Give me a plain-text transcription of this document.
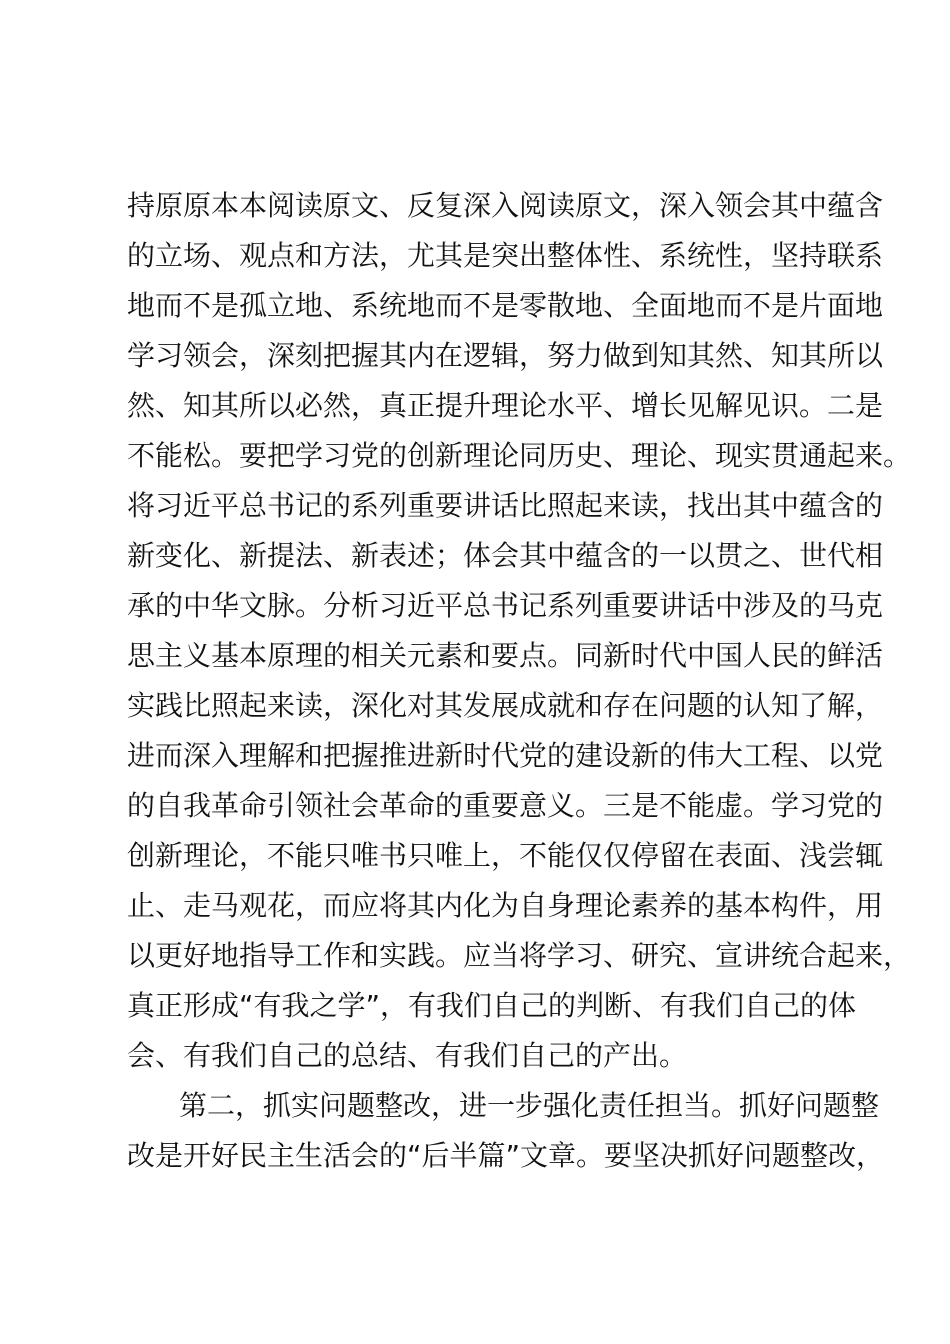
持原原本本阅读原文、反复深入阅读原文，深入领会其中蕴含
的立场、观点和方法，尤其是突出整体性、系统性，坚持联系
地而不是孤立地、系统地而不是零散地、全面地而不是片面地
学习领会，深刻把握其内在逻辑，努力做到知其然、知其所以
然、知其所以必然，真正提升理论水平、增长见解见识。二是
不能松。要把学习党的创新理论同历史、理论、现实贯通起来。
将习近平总书记的系列重要讲话比照起来读，找出其中蕴含的
新变化、新提法、新表述；体会其中蕴含的一以贯之、世代相
承的中华文脉。分析习近平总书记系列重要讲话中涉及的马克
思主义基本原理的相关元素和要点。同新时代中国人民的鲜活
实践比照起来读，深化对其发展成就和存在问题的认知了解，
进而深入理解和把握推进新时代党的建设新的伟大工程、以党
的自我革命引领社会革命的重要意义。三是不能虚。学习党的
创新理论，不能只唯书只唯上，不能仅仅停留在表面、浅尝辄
止、走马观花，而应将其内化为自身理论素养的基本构件，用
以更好地指导工作和实践。应当将学习、研究、宣讲统合起来，
真正形成“有我之学”，有我们自己的判断、有我们自己的体
会、有我们自己的总结、有我们自己的产出。
第二，抓实问题整改，进一步强化责任担当。抓好问题整
改是开好民主生活会的“后半篇”文章。要坚决抓好问题整改，
